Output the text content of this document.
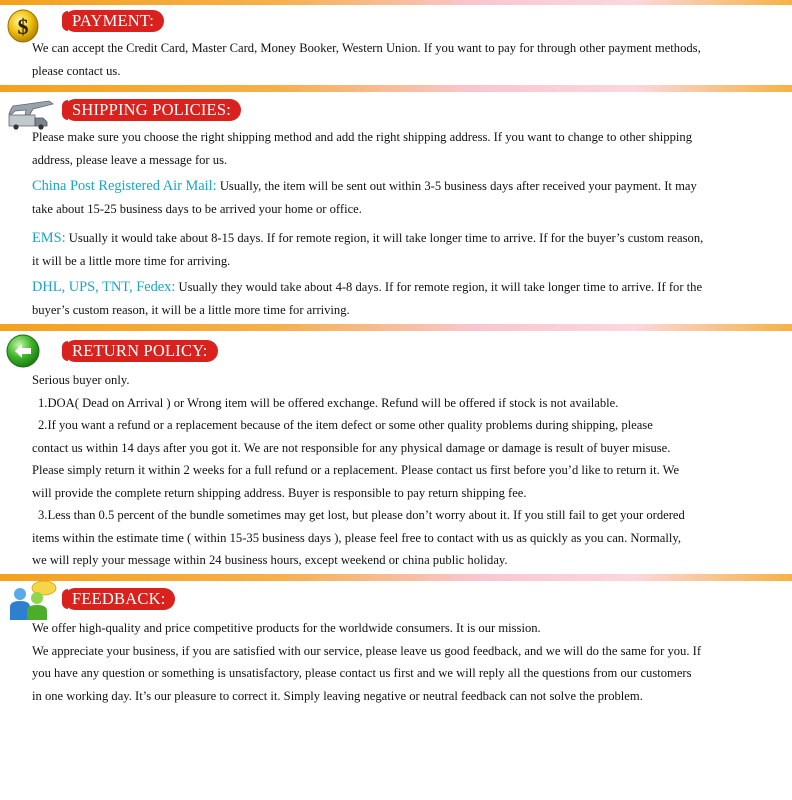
$	PAYMENT:

We can accept the Credit Card, Master Card, Money Booker, Western Union. If you want to pay for through other payment methods,
please contact us.

SHIPPING POLICIES:

Please make sure you choose the right shipping method and add the right shipping address. If you want to change to other shipping
address, please leave a message for us.

China Post Registered Air Mail: Usually, the item will be sent out within 3-5 business days after received your payment. It may
take about 15-25 business days to be arrived your home or office.

EMS: Usually it would take about 8-15 days. If for remote region, it will take longer time to arrive. If for the buyer’s custom reason,
it will be a little more time for arriving.

DHL, UPS, TNT, Fedex: Usually they would take about 4-8 days. If for remote region, it will take longer time to arrive. If for the
buyer’s custom reason, it will be a little more time for arriving.

RETURN POLICY:

Serious buyer only.
1.DOA( Dead on Arrival ) or Wrong item will be offered exchange. Refund will be offered if stock is not available.
2.If you want a refund or a replacement because of the item defect or some other quality problems during shipping, please
contact us within 14 days after you got it. We are not responsible for any physical damage or damage is result of buyer misuse.
Please simply return it within 2 weeks for a full refund or a replacement. Please contact us first before you’d like to return it. We
will provide the complete return shipping address. Buyer is responsible to pay return shipping fee.
3.Less than 0.5 percent of the bundle sometimes may get lost, but please don’t worry about it. If you still fail to get your ordered
items within the estimate time ( within 15-35 business days ), please feel free to contact with us as quickly as you can. Normally,
we will reply your message within 24 business hours, except weekend or china public holiday.

FEEDBACK:

We offer high-quality and price competitive products for the worldwide consumers. It is our mission.
We appreciate your business, if you are satisfied with our service, please leave us good feedback, and we will do the same for you. If
you have any question or something is unsatisfactory, please contact us first and we will reply all the questions from our customers
in one working day. It’s our pleasure to correct it. Simply leaving negative or neutral feedback can not solve the problem.
